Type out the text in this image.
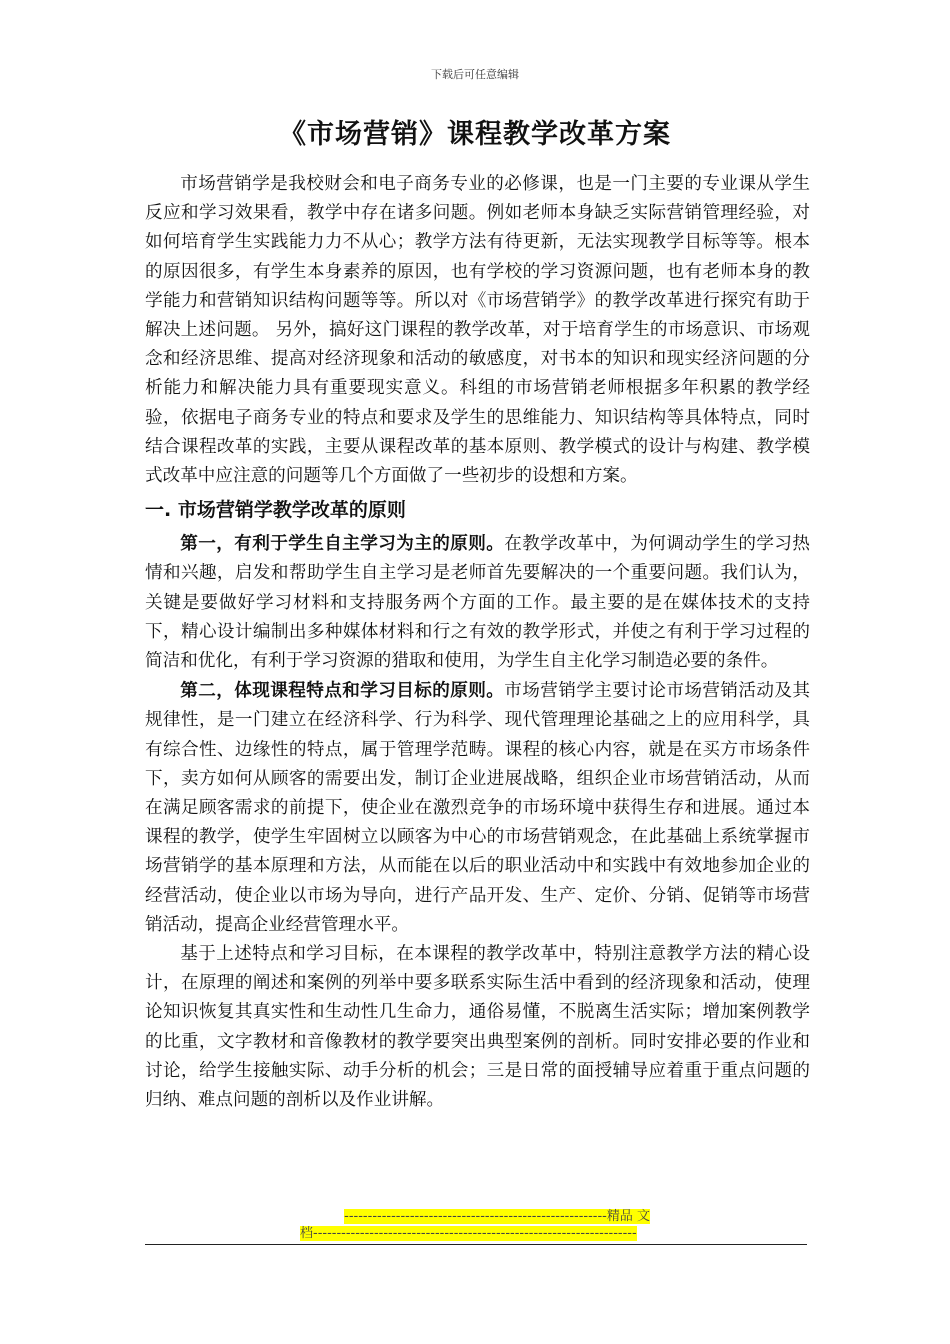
下载后可任意编辑
《市场营销》课程教学改革方案

市场营销学是我校财会和电子商务专业的必修课，也是一门主要的专业课从学生反应和学习效果看，教学中存在诸多问题。例如老师本身缺乏实际营销管理经验，对如何培育学生实践能力力不从心；教学方法有待更新，无法实现教学目标等等。根本的原因很多，有学生本身素养的原因，也有学校的学习资源问题，也有老师本身的教学能力和营销知识结构问题等等。所以对《市场营销学》的教学改革进行探究有助于解决上述问题。 另外，搞好这门课程的教学改革，对于培育学生的市场意识、市场观念和经济思维、提高对经济现象和活动的敏感度，对书本的知识和现实经济问题的分析能力和解决能力具有重要现实意义。科组的市场营销老师根据多年积累的教学经验，依据电子商务专业的特点和要求及学生的思维能力、知识结构等具体特点，同时结合课程改革的实践，主要从课程改革的基本原则、教学模式的设计与构建、教学模式改革中应注意的问题等几个方面做了一些初步的设想和方案。

一. 市场营销学教学改革的原则

第一，有利于学生自主学习为主的原则。在教学改革中，为何调动学生的学习热情和兴趣，启发和帮助学生自主学习是老师首先要解决的一个重要问题。我们认为，关键是要做好学习材料和支持服务两个方面的工作。最主要的是在媒体技术的支持下，精心设计编制出多种媒体材料和行之有效的教学形式，并使之有利于学习过程的简洁和优化，有利于学习资源的猎取和使用，为学生自主化学习制造必要的条件。

第二，体现课程特点和学习目标的原则。市场营销学主要讨论市场营销活动及其规律性，是一门建立在经济科学、行为科学、现代管理理论基础之上的应用科学，具有综合性、边缘性的特点，属于管理学范畴。课程的核心内容，就是在买方市场条件下，卖方如何从顾客的需要出发，制订企业进展战略，组织企业市场营销活动，从而在满足顾客需求的前提下，使企业在激烈竞争的市场环境中获得生存和进展。通过本课程的教学，使学生牢固树立以顾客为中心的市场营销观念，在此基础上系统掌握市场营销学的基本原理和方法，从而能在以后的职业活动中和实践中有效地参加企业的经营活动，使企业以市场为导向，进行产品开发、生产、定价、分销、促销等市场营销活动，提高企业经营管理水平。

基于上述特点和学习目标，在本课程的教学改革中，特别注意教学方法的精心设计，在原理的阐述和案例的列举中要多联系实际生活中看到的经济现象和活动，使理论知识恢复其真实性和生动性几生命力，通俗易懂，不脱离生活实际；增加案例教学的比重，文字教材和音像教材的教学要突出典型案例的剖析。同时安排必要的作业和讨论，给学生接触实际、动手分析的机会；三是日常的面授辅导应着重于重点问题的归纳、难点问题的剖析以及作业讲解。

--------------------------------------------------------精品 文
档---------------------------------------------------------------------
